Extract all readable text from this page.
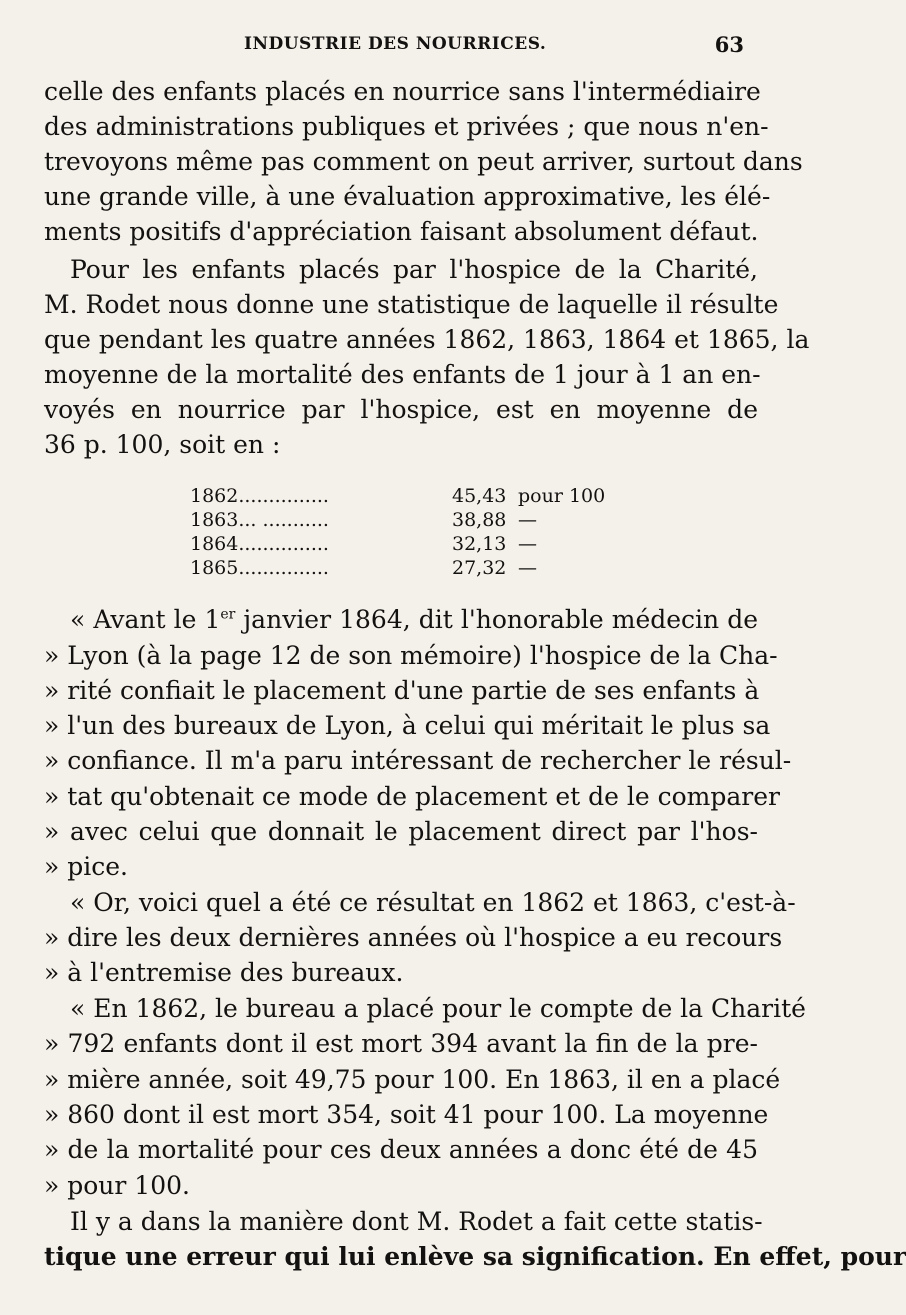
INDUSTRIE DES NOURRICES.	63
celle des enfants placés en nourrice sans l'intermédiaire
des administrations publiques et privées ; que nous n'en-
trevoyons même pas comment on peut arriver, surtout dans
une grande ville, à une évaluation approximative, les élé-
ments positifs d'appréciation faisant absolument défaut.
Pour les enfants placés par l'hospice de la Charité,
M. Rodet nous donne une statistique de laquelle il résulte
que pendant les quatre années 1862, 1863, 1864 et 1865, la
moyenne de la mortalité des enfants de 1 jour à 1 an en-
voyés en nourrice par l'hospice, est en moyenne de
36 p. 100, soit en :
1862...............	45,43 pour 100
1863... ...........	38,88 —
1864...............	32,13 —
1865...............	27,32 —
« Avant le 1er janvier 1864, dit l'honorable médecin de
» Lyon (à la page 12 de son mémoire) l'hospice de la Cha-
» rité confiait le placement d'une partie de ses enfants à
» l'un des bureaux de Lyon, à celui qui méritait le plus sa
» confiance. Il m'a paru intéressant de rechercher le résul-
» tat qu'obtenait ce mode de placement et de le comparer
» avec celui que donnait le placement direct par l'hos-
» pice.
« Or, voici quel a été ce résultat en 1862 et 1863, c'est-à-
» dire les deux dernières années où l'hospice a eu recours
» à l'entremise des bureaux.
« En 1862, le bureau a placé pour le compte de la Charité
» 792 enfants dont il est mort 394 avant la fin de la pre-
» mière année, soit 49,75 pour 100. En 1863, il en a placé
» 860 dont il est mort 354, soit 41 pour 100. La moyenne
» de la mortalité pour ces deux années a donc été de 45
» pour 100.
Il y a dans la manière dont M. Rodet a fait cette statis-
tique une erreur qui lui enlève sa signification. En effet, pour
